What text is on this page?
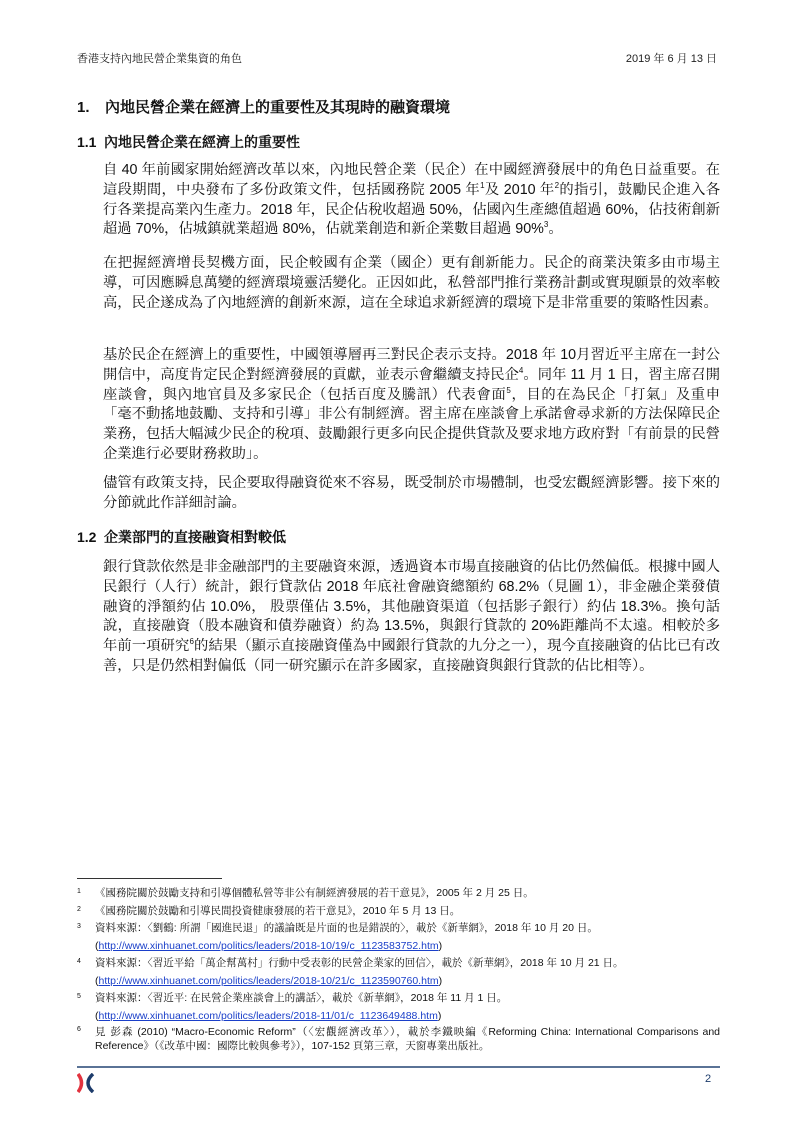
香港支持內地民營企業集資的角色	2019 年 6 月 13 日
1. 內地民營企業在經濟上的重要性及其現時的融資環境
1.1 內地民營企業在經濟上的重要性

自 40 年前國家開始經濟改革以來，內地民營企業（民企）在中國經濟發展中的角色日益重要。在這段期間，中央發布了多份政策文件，包括國務院 2005 年$^1$及 2010 年$^2$的指引，鼓勵民企進入各行各業提高業內生產力。2018 年，民企佔稅收超過 50%，佔國內生產總值超過 60%，佔技術創新超過 70%，佔城鎮就業超過 80%，佔就業創造和新企業數目超過 90%$^3$。

在把握經濟增長契機方面，民企較國有企業（國企）更有創新能力。民企的商業決策多由市場主導，可因應瞬息萬變的經濟環境靈活變化。正因如此，私營部門推行業務計劃或實現願景的效率較高，民企遂成為了內地經濟的創新來源，這在全球追求新經濟的環境下是非常重要的策略性因素。

基於民企在經濟上的重要性，中國領導層再三對民企表示支持。2018 年 10月習近平主席在一封公開信中，高度肯定民企對經濟發展的貢獻，並表示會繼續支持民企$^4$。同年 11 月 1 日，習主席召開座談會，與內地官員及多家民企（包括百度及騰訊）代表會面$^5$，目的在為民企「打氣」及重申「毫不動搖地鼓勵、支持和引導」非公有制經濟。習主席在座談會上承諾會尋求新的方法保障民企業務，包括大幅減少民企的稅項、鼓勵銀行更多向民企提供貸款及要求地方政府對「有前景的民營企業進行必要財務救助」。

儘管有政策支持，民企要取得融資從來不容易，既受制於市場體制，也受宏觀經濟影響。接下來的分節就此作詳細討論。

1.2 企業部門的直接融資相對較低

銀行貸款依然是非金融部門的主要融資來源，透過資本市場直接融資的佔比仍然偏低。根據中國人民銀行（人行）統計，銀行貸款佔 2018 年底社會融資總額約 68.2%（見圖 1），非金融企業發債融資的淨額約佔 10.0%， 股票僅佔 3.5%，其他融資渠道（包括影子銀行）約佔 18.3%。換句話說，直接融資（股本融資和債券融資）約為 13.5%，與銀行貸款的 20%距離尚不太遠。相較於多年前一項研究$^6$的結果（顯示直接融資僅為中國銀行貸款的九分之一），現今直接融資的佔比已有改善，只是仍然相對偏低（同一研究顯示在許多國家，直接融資與銀行貸款的佔比相等）。

1 《國務院關於鼓勵支持和引導個體私營等非公有制經濟發展的若干意見》，2005 年 2 月 25 日。
2 《國務院關於鼓勵和引導民間投資健康發展的若干意見》，2010 年 5 月 13 日。
3 資料來源：〈劉鶴: 所謂「國進民退」的議論既是片面的也是錯誤的〉，載於《新華網》，2018 年 10 月 20 日。
(http://www.xinhuanet.com/politics/leaders/2018-10/19/c_1123583752.htm)
4 資料來源：〈習近平給「萬企幫萬村」行動中受表彰的民營企業家的回信〉，載於《新華網》，2018 年 10 月 21 日。
(http://www.xinhuanet.com/politics/leaders/2018-10/21/c_1123590760.htm)
5 資料來源：〈習近平: 在民營企業座談會上的講話〉，載於《新華網》，2018 年 11 月 1 日。
(http://www.xinhuanet.com/politics/leaders/2018-11/01/c_1123649488.htm)
6 見 彭森 (2010) “Macro-Economic Reform”（〈宏觀經濟改革〉），載於李鐵映編《Reforming China: International Comparisons and Reference》（《改革中國：國際比較與參考》），107-152 頁第三章，天窗專業出版社。
2
